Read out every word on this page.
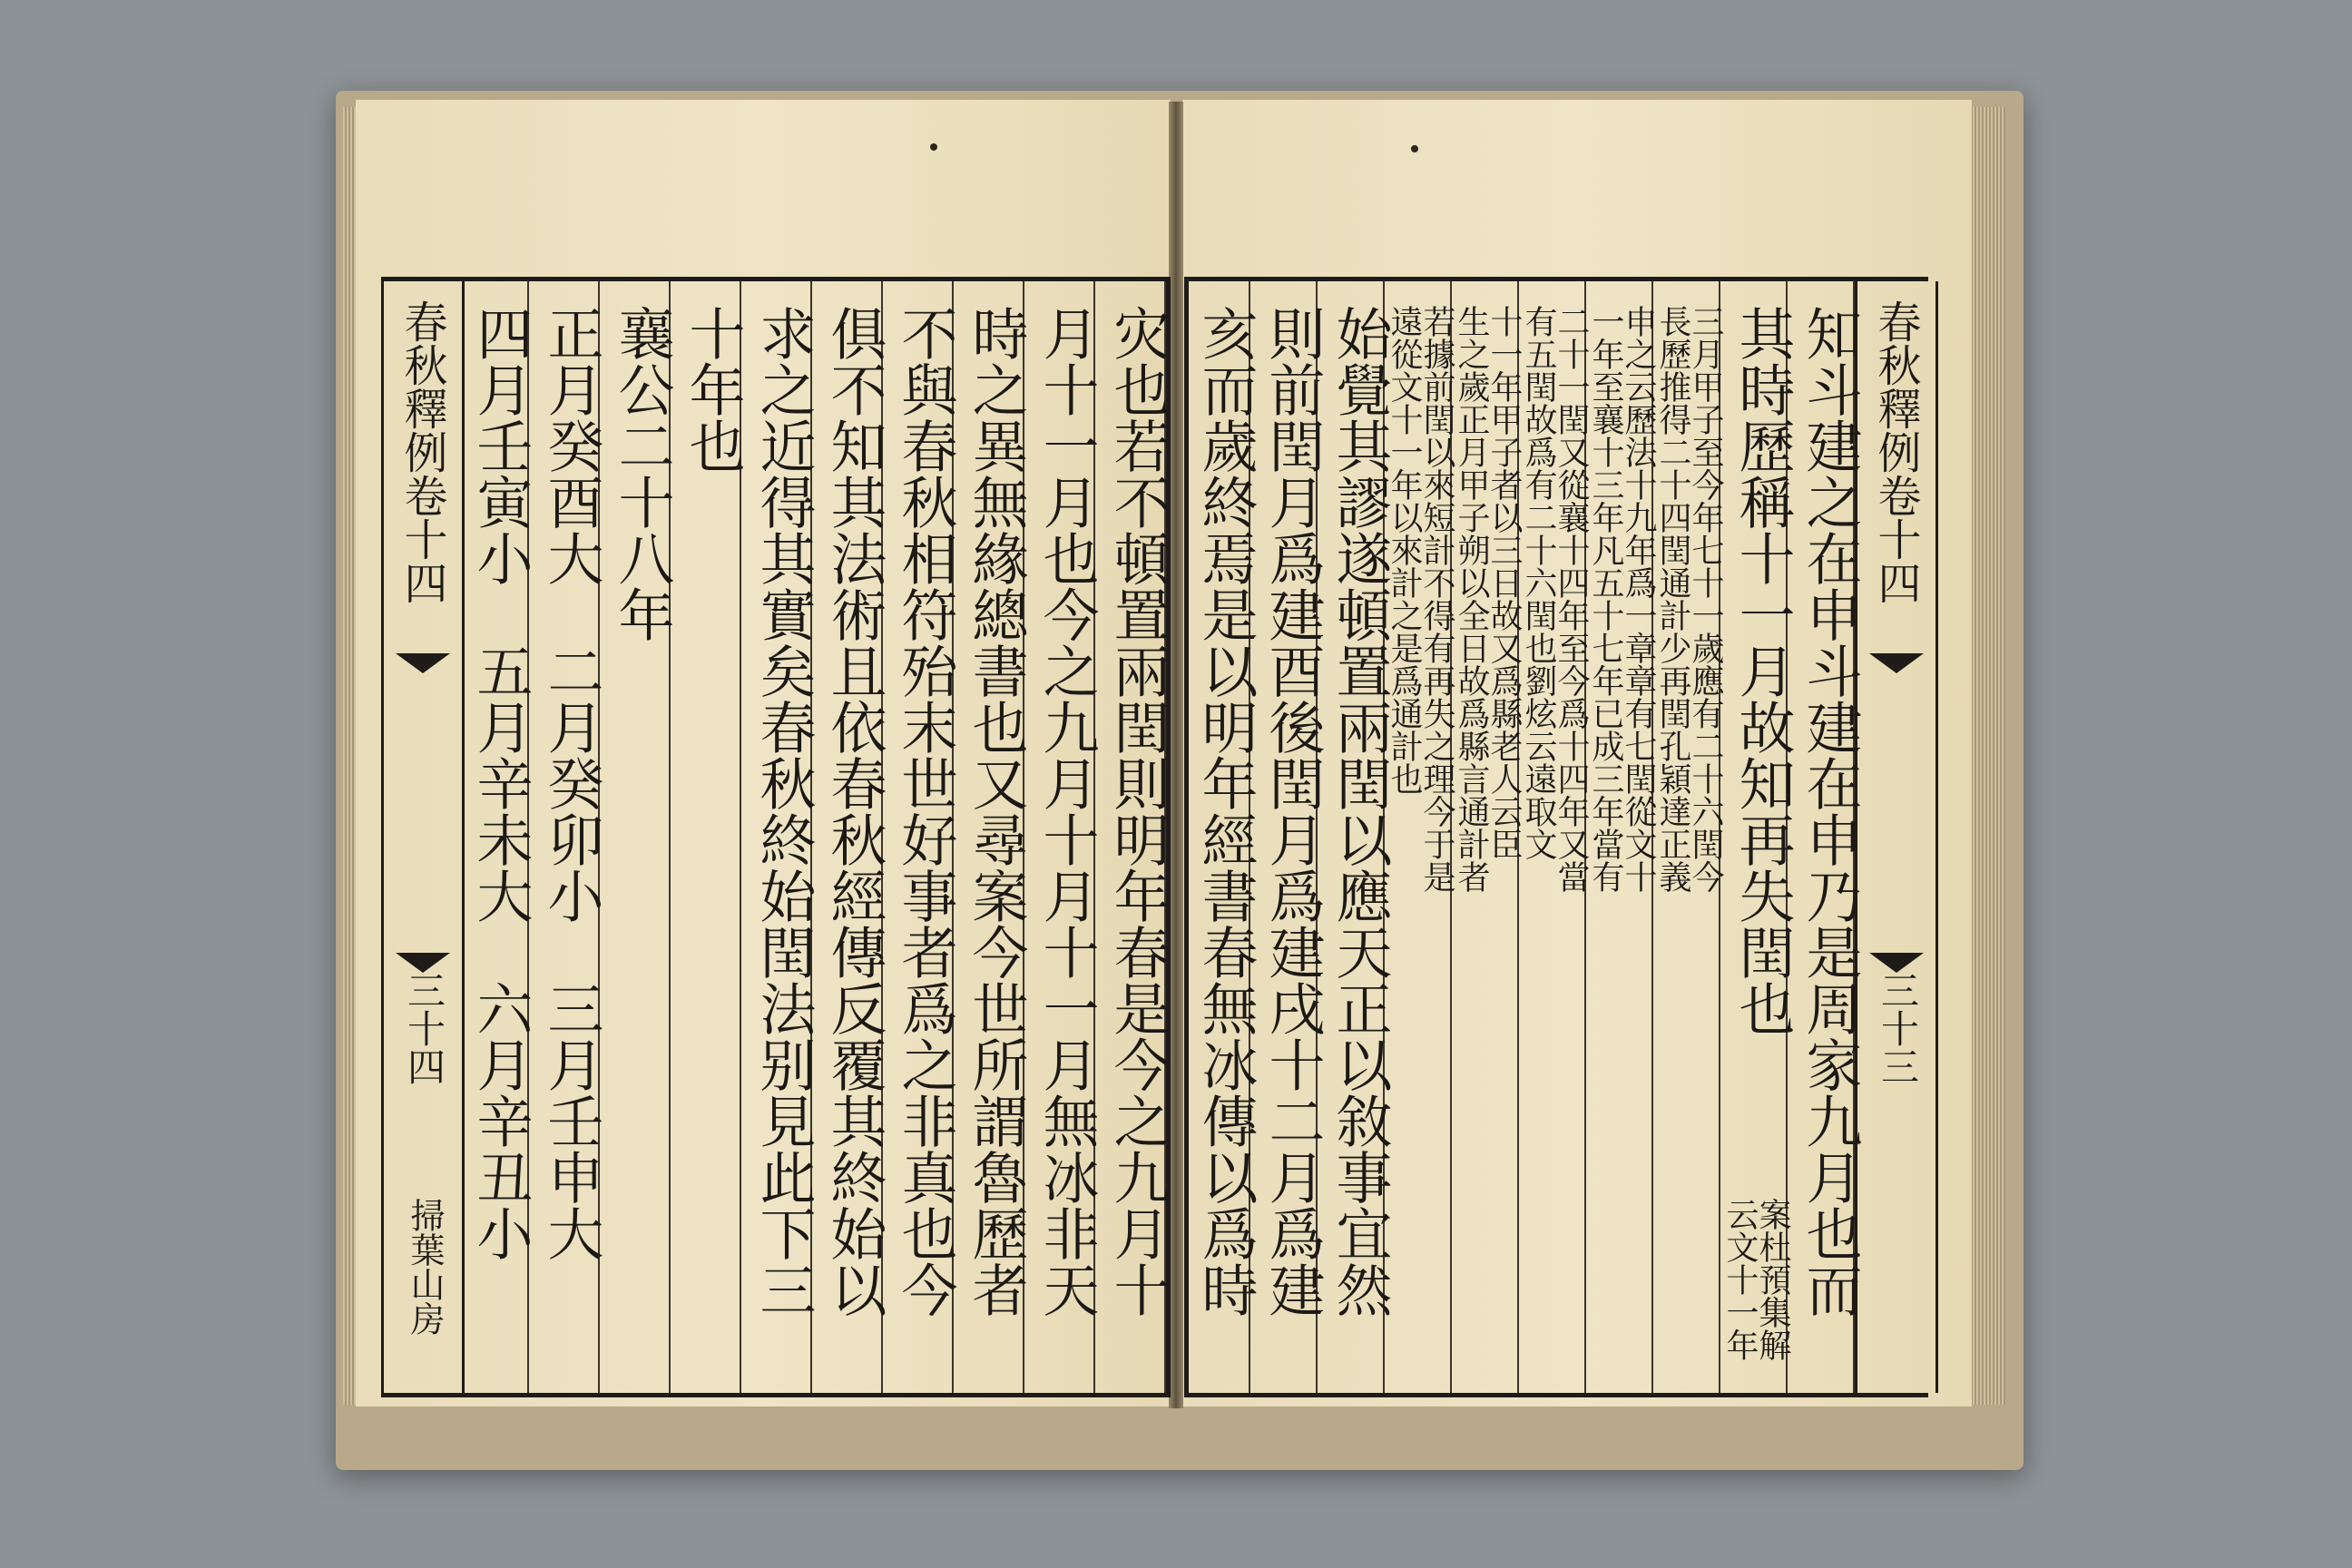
春秋釋例卷十四
三十四
掃葉山房	灾也若不頓置兩閏則明年春是今之九月十
月十一月也今之九月十月十一月無冰非天
時之異無緣總書也又尋案今世所謂魯歷者
不與春秋相符殆末世好事者爲之非真也今
俱不知其法術且依春秋經傳反覆其終始以
求之近得其實矣春秋終始閏法别見此下三
十年也
襄公二十八年
正月癸酉大　二月癸卯小　三月壬申大
四月壬寅小　五月辛未大　六月辛丑小	知斗建之在申斗建在申乃是周家九月也而
其時歷稱十一月故知再失閏也
案杜預集解
云文十一年
三月甲子至今年七十一歲應有二十六閏今
長歷推得二十四閏通計少再閏孔穎達正義
申之云歷法十九年爲一章章有七閏從文十
一年至襄十三年凡五十七年已成三年當有
二十一閏又從襄十四年至今爲十四年又當
有五閏故爲有二十六閏也劉炫云遠取文
十一年甲子者以三日故又爲縣老人云臣
生之歲正月甲子朔以全日故爲縣言通計者
若據前閏以來短計不得有再失之理今于是
遠從文十一年以來計之是爲通計也
始覺其謬遂頓置兩閏以應天正以敘事宜然
則前閏月爲建酉後閏月爲建戌十二月爲建
亥而歲終焉是以明年經書春無冰傳以爲時	春秋釋例卷十四
三十三
